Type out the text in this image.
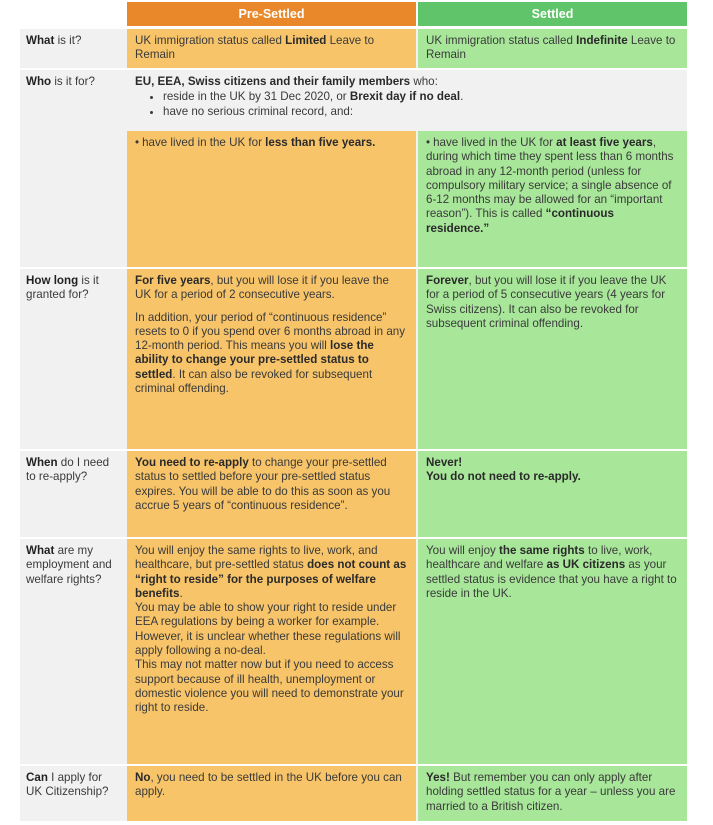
Pre-Settled	Settled
What is it?	UK immigration status called Limited Leave to Remain
UK immigration status called Indefinite Leave to Remain
Who is it for?	EU, EEA, Swiss citizens and their family members who:

• reside in the UK by 31 Dec 2020, or Brexit day if no deal.
• have no serious criminal record, and:
• have lived in the UK for less than five years.
•	have lived in the UK for at least five years, during which time they spent less than 6 months abroad in any 12-month period (unless for compulsory military service; a single absence of 6-12 months may be allowed for an “important reason”). This is called “continuous residence.”
How long is it granted for?

For five years, but you will lose it if you leave the UK for a period of 2 consecutive years.

In addition, your period of “continuous residence” resets to 0 if you spend over 6 months abroad in any 12-month period. This means you will lose the ability to change your pre-settled status to settled. It can also be revoked for subsequent criminal offending.

Forever, but you will lose it if you leave the UK for a period of 5 consecutive years (4 years for Swiss citizens). It can also be revoked for subsequent criminal offending.
When do I need to re-apply?
You need to re-apply to change your pre-settled status to settled before your pre-settled status expires. You will be able to do this as soon as you accrue 5 years of “continuous residence”.

Never!

You do not need to re-apply.

What are my employment and welfare rights?

You will enjoy the same rights to live, work, and healthcare, but pre-settled status does not count as “right to reside” for the purposes of welfare benefits.

You may be able to show your right to reside under EEA regulations by being a worker for example. However, it is unclear whether these regulations will apply following a no-deal.

This may not matter now but if you need to access support because of ill health, unemployment or domestic violence you will need to demonstrate your right to reside.

You will enjoy the same rights to live, work, healthcare and welfare as UK citizens as your settled status is evidence that you have a right to reside in the UK.
Can I apply for UK Citizenship?
No, you need to be settled in the UK before you can apply.
Yes! But remember you can only apply after holding settled status for a year – unless you are married to a British citizen.
